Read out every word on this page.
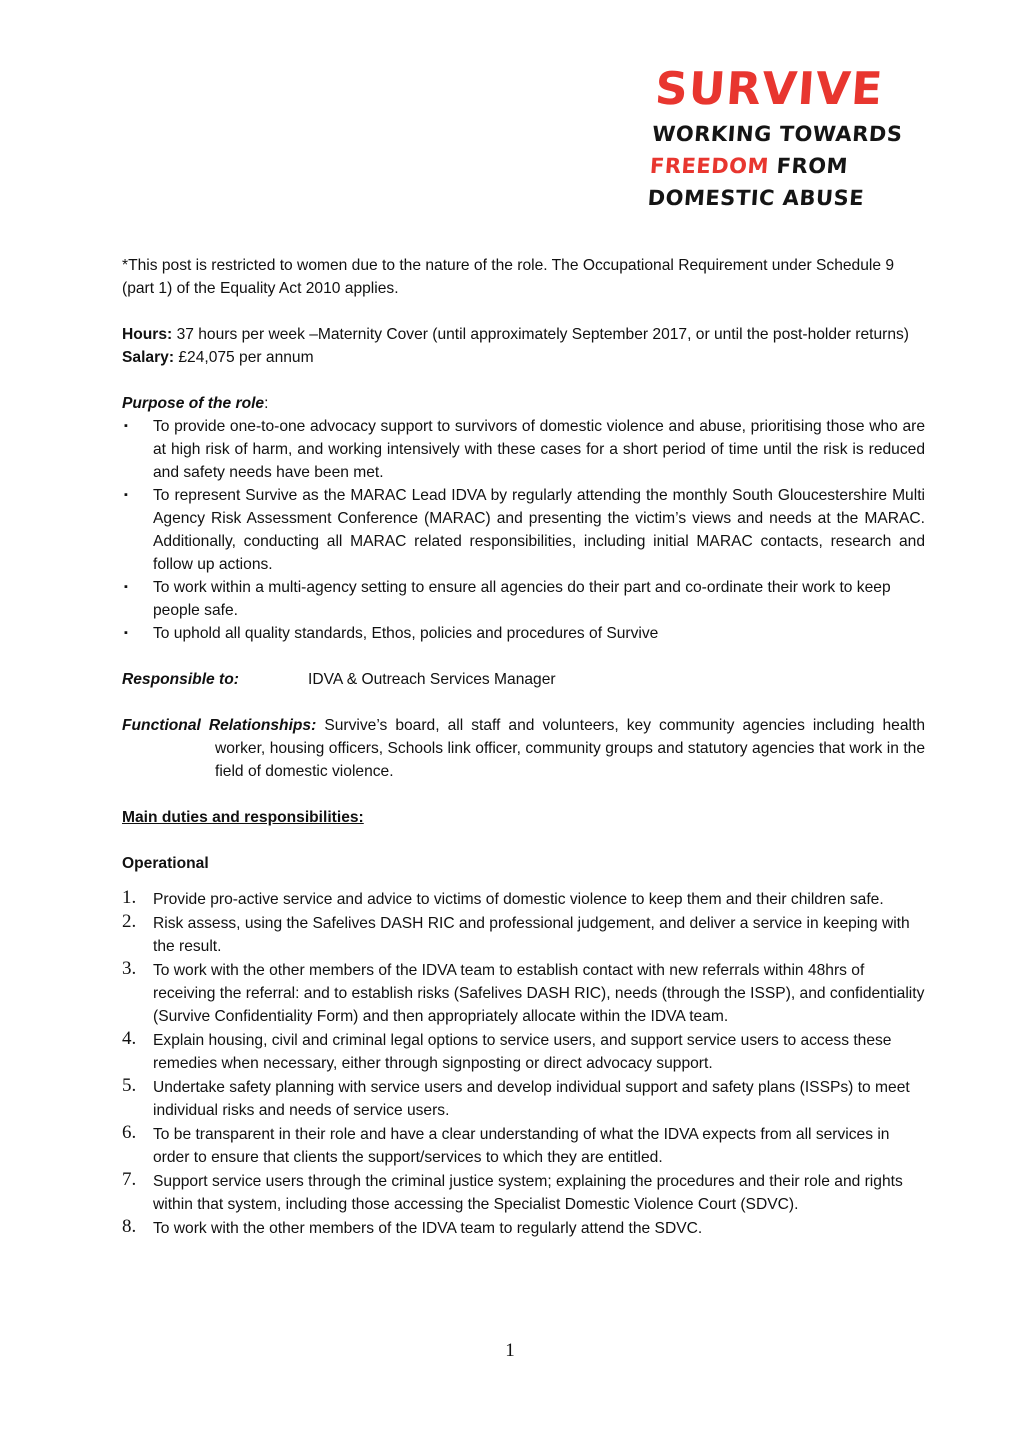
SURVIVE
WORKING TOWARDS
FREEDOM FROM
DOMESTIC ABUSE

*This post is restricted to women due to the nature of the role. The Occupational Requirement under Schedule 9 (part 1) of the Equality Act 2010 applies.

Hours: 37 hours per week –Maternity Cover (until approximately September 2017, or until the post-holder returns)

Salary: £24,075 per annum

Purpose of the role:

▪ To provide one-to-one advocacy support to survivors of domestic violence and abuse, prioritising those who are at high risk of harm, and working intensively with these cases for a short period of time until the risk is reduced and safety needs have been met.
▪ To represent Survive as the MARAC Lead IDVA by regularly attending the monthly South Gloucestershire Multi Agency Risk Assessment Conference (MARAC) and presenting the victim’s views and needs at the MARAC. Additionally, conducting all MARAC related responsibilities, including initial MARAC contacts, research and follow up actions.
▪ To work within a multi-agency setting to ensure all agencies do their part and co-ordinate their work to keep people safe.
▪ To uphold all quality standards, Ethos, policies and procedures of Survive
Responsible to:	IDVA & Outreach Services Manager

Functional Relationships: Survive’s board, all staff and volunteers, key community agencies including health worker, housing officers, Schools link officer, community groups and statutory agencies that work in the field of domestic violence.

Main duties and responsibilities:

Operational

1. Provide pro-active service and advice to victims of domestic violence to keep them and their children safe.
2. Risk assess, using the Safelives DASH RIC and professional judgement, and deliver a service in keeping with the result.
3. To work with the other members of the IDVA team to establish contact with new referrals within 48hrs of receiving the referral: and to establish risks (Safelives DASH RIC), needs (through the ISSP), and confidentiality (Survive Confidentiality Form) and then appropriately allocate within the IDVA team.
4. Explain housing, civil and criminal legal options to service users, and support service users to access these remedies when necessary, either through signposting or direct advocacy support.
5. Undertake safety planning with service users and develop individual support and safety plans (ISSPs) to meet individual risks and needs of service users.
6. To be transparent in their role and have a clear understanding of what the IDVA expects from all services in order to ensure that clients the support/services to which they are entitled.
7. Support service users through the criminal justice system; explaining the procedures and their role and rights within that system, including those accessing the Specialist Domestic Violence Court (SDVC).
8. To work with the other members of the IDVA team to regularly attend the SDVC.
1
